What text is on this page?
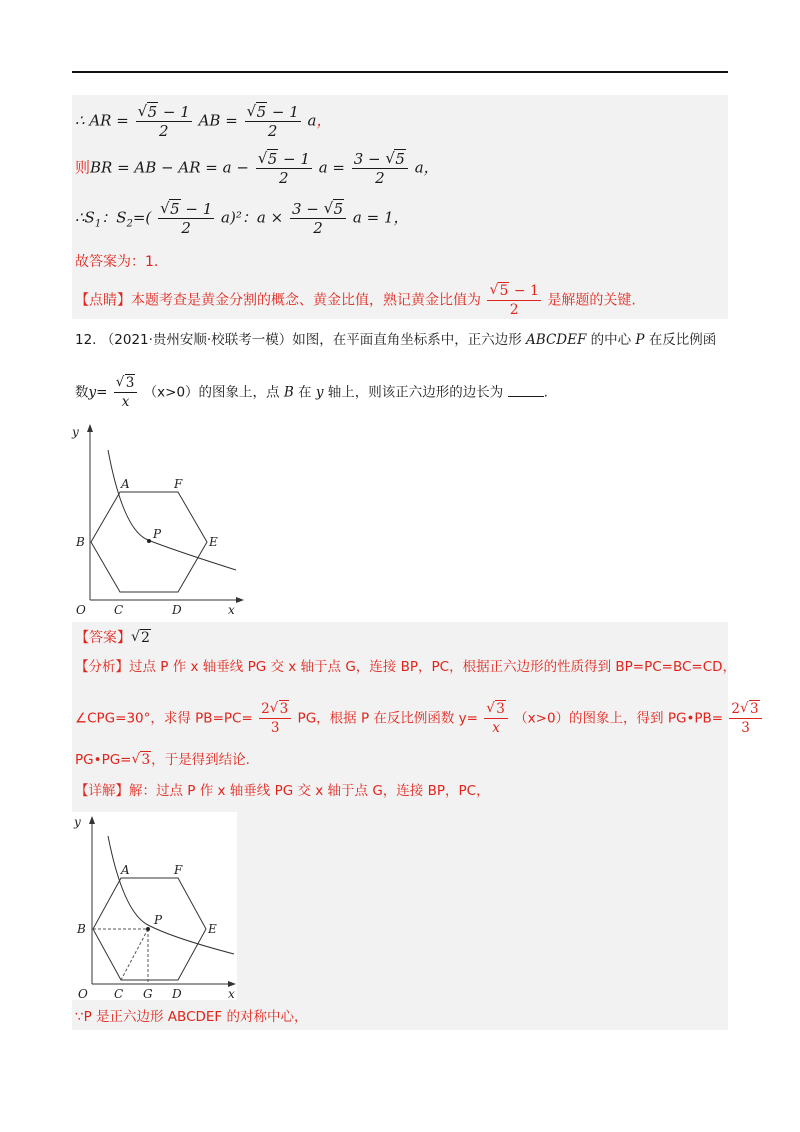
∴ AR = √ $\frac{5 - 1}{2}$ AB = √ $\frac{5 - 1}{2}$ a，
则BR = AB − AR = a − √ $\frac{5 - 1}{2}$ $a = \frac{3 - √ 5}{2}$ a，
$\therefore S_1$：$S_2=$( √ $\frac{5 - 1}{2} a)^2$：$a \times \frac{3 - √ 5}{2}$ a = 1，
故答案为：1.
【点睛】本题考查是黄金分割的概念、黄金比值，熟记黄金比值为 √ $\frac{5 - 1}{2}$ 是解题的关键.
12. （2021·贵州安顺·校联考一模）如图，在平面直角坐标系中，正六边形 ABCDEF 的中心 P 在反比例函
数y= √ $\frac{3}{x} (x>0)$的图象上，点 B 在 y 轴上，则该正六边形的边长为	.
y
x
O
A	F
B
P
E
C	D
【答案】 √ 2
【分析】过点 P 作 x 轴垂线 PG 交 x 轴于点 G，连接 BP，PC，根据正六边形的性质得到 BP=PC=BC=CD，
∠CPG=30°，求得 $PB=PC= \frac{2 √ 3}{3}$ PG，根据 P 在反比例函数 y= √ $\frac{3}{x} (x>0)$的图象上，得到 PG•PB= $\frac{2 √ 3}{3}$
PG•PG= √ 3，于是得到结论.
【详解】解：过点 P 作 x 轴垂线 PG 交 x 轴于点 G，连接 BP，PC，
y
x
O
A	F
B
P
E
C G D
∵P 是正六边形 ABCDEF 的对称中心，
